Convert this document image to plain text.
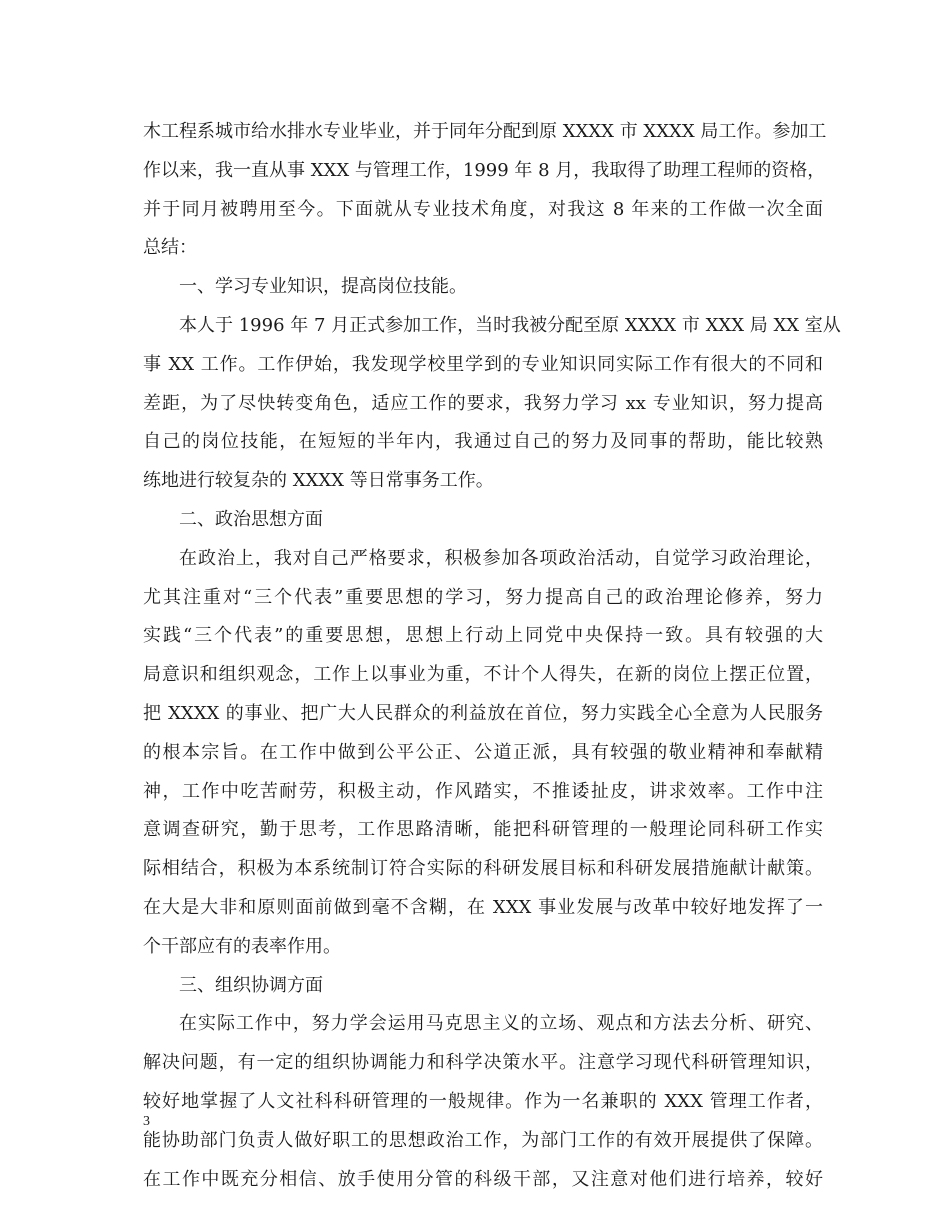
木工程系城市给水排水专业毕业，并于同年分配到原 XXXX 市 XXXX 局工作。参加工
作以来，我一直从事 XXX 与管理工作，1999 年 8 月，我取得了助理工程师的资格，
并于同月被聘用至今。下面就从专业技术角度，对我这 8 年来的工作做一次全面
总结：
一、学习专业知识，提高岗位技能。
本人于 1996 年 7 月正式参加工作，当时我被分配至原 XXXX 市 XXX 局 XX 室从
事 XX 工作。工作伊始，我发现学校里学到的专业知识同实际工作有很大的不同和
差距，为了尽快转变角色，适应工作的要求，我努力学习 xx 专业知识，努力提高
自己的岗位技能，在短短的半年内，我通过自己的努力及同事的帮助，能比较熟
练地进行较复杂的 XXXX 等日常事务工作。
二、政治思想方面
在政治上，我对自己严格要求，积极参加各项政治活动，自觉学习政治理论，
尤其注重对“三个代表”重要思想的学习，努力提高自己的政治理论修养，努力
实践“三个代表”的重要思想，思想上行动上同党中央保持一致。具有较强的大
局意识和组织观念，工作上以事业为重，不计个人得失，在新的岗位上摆正位置，
把 XXXX 的事业、把广大人民群众的利益放在首位，努力实践全心全意为人民服务
的根本宗旨。在工作中做到公平公正、公道正派，具有较强的敬业精神和奉献精
神，工作中吃苦耐劳，积极主动，作风踏实，不推诿扯皮，讲求效率。工作中注
意调查研究，勤于思考，工作思路清晰，能把科研管理的一般理论同科研工作实
际相结合，积极为本系统制订符合实际的科研发展目标和科研发展措施献计献策。
在大是大非和原则面前做到毫不含糊，在 XXX 事业发展与改革中较好地发挥了一
个干部应有的表率作用。
三、组织协调方面
在实际工作中，努力学会运用马克思主义的立场、观点和方法去分析、研究、
解决问题，有一定的组织协调能力和科学决策水平。注意学习现代科研管理知识，
较好地掌握了人文社科科研管理的一般规律。作为一名兼职的 XXX 管理工作者，
能协助部门负责人做好职工的思想政治工作，为部门工作的有效开展提供了保障。
在工作中既充分相信、放手使用分管的科级干部，又注意对他们进行培养，较好
3
